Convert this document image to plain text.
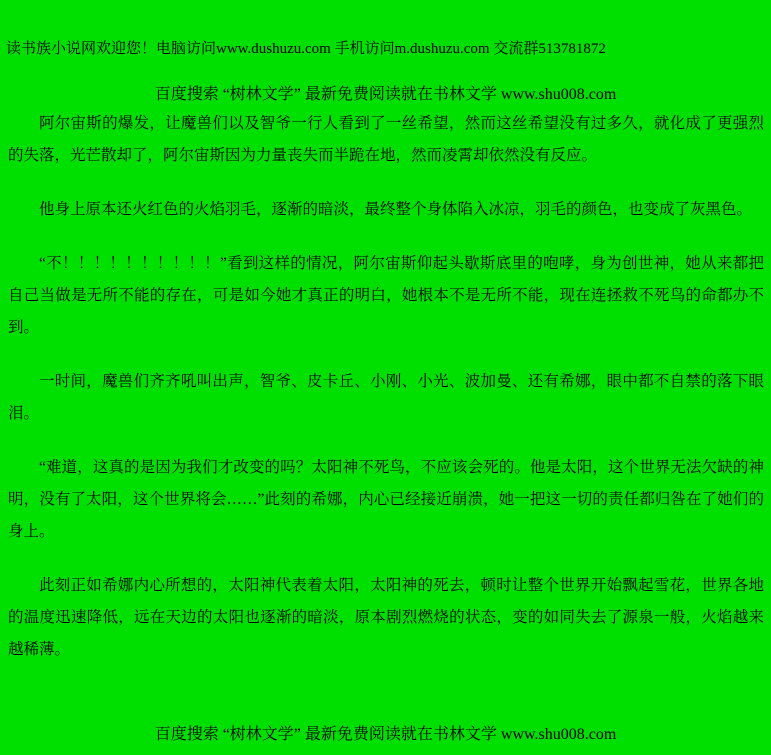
读书族小说网欢迎您！电脑访问www.dushuzu.com 手机访问m.dushuzu.com 交流群513781872
百度搜索 “树林文学” 最新免费阅读就在书林文学 www.shu008.com

阿尔宙斯的爆发，让魔兽们以及智爷一行人看到了一丝希望，然而这丝希望没有过多久，就化成了更强烈的失落，光芒散却了，阿尔宙斯因为力量丧失而半跪在地，然而凌霄却依然没有反应。

他身上原本还火红色的火焰羽毛，逐渐的暗淡，最终整个身体陷入冰凉，羽毛的颜色，也变成了灰黑色。

“不！！！！！！！！！！”看到这样的情况，阿尔宙斯仰起头歇斯底里的咆哮，身为创世神，她从来都把自己当做是无所不能的存在，可是如今她才真正的明白，她根本不是无所不能，现在连拯救不死鸟的命都办不到。

一时间，魔兽们齐齐吼叫出声，智爷、皮卡丘、小刚、小光、波加曼、还有希娜，眼中都不自禁的落下眼泪。

“难道，这真的是因为我们才改变的吗？太阳神不死鸟，不应该会死的。他是太阳，这个世界无法欠缺的神明，没有了太阳，这个世界将会……”此刻的希娜，内心已经接近崩溃，她一把这一切的责任都归咎在了她们的身上。

此刻正如希娜内心所想的，太阳神代表着太阳，太阳神的死去，顿时让整个世界开始飘起雪花，世界各地的温度迅速降低，远在天边的太阳也逐渐的暗淡，原本剧烈燃烧的状态，变的如同失去了源泉一般，火焰越来越稀薄。

百度搜索 “树林文学” 最新免费阅读就在书林文学 www.shu008.com
